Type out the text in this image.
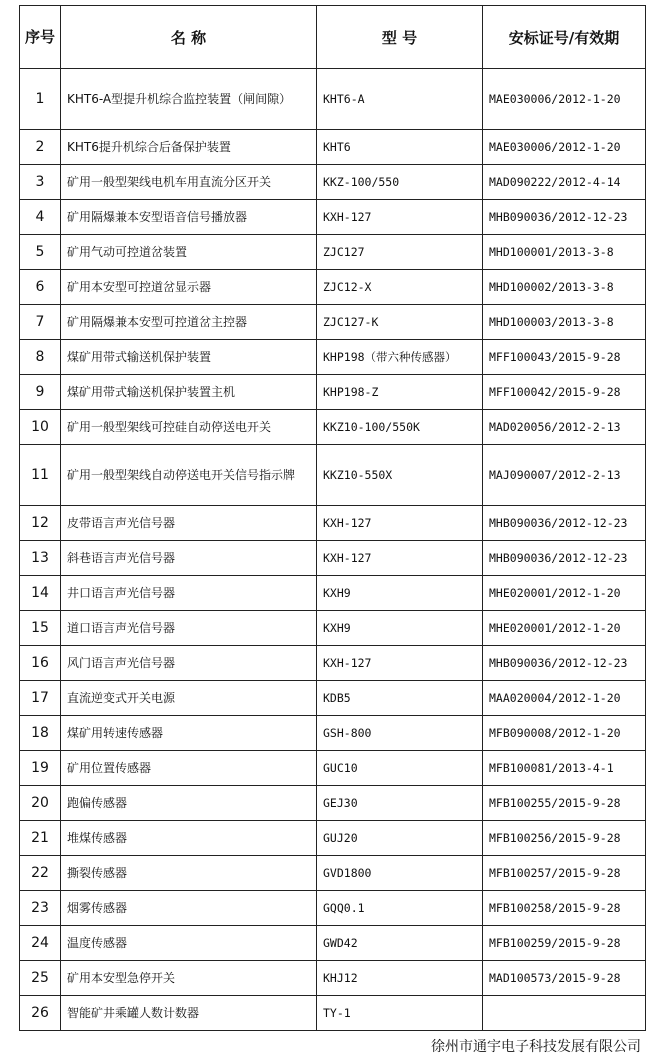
序号	名 称	型 号	安标证号/有效期
1	KHT6-A型提升机综合监控装置（闸间隙）	KHT6-A	MAE030006/2012-1-20
2	KHT6提升机综合后备保护装置	KHT6	MAE030006/2012-1-20
3	矿用一般型架线电机车用直流分区开关	KKZ-100/550	MAD090222/2012-4-14
4	矿用隔爆兼本安型语音信号播放器	KXH-127	MHB090036/2012-12-23
5	矿用气动可控道岔装置	ZJC127	MHD100001/2013-3-8
6	矿用本安型可控道岔显示器	ZJC12-X	MHD100002/2013-3-8
7	矿用隔爆兼本安型可控道岔主控器	ZJC127-K	MHD100003/2013-3-8
8	煤矿用带式输送机保护装置	KHP198（带六种传感器）	MFF100043/2015-9-28
9	煤矿用带式输送机保护装置主机	KHP198-Z	MFF100042/2015-9-28
10	矿用一般型架线可控硅自动停送电开关	KKZ10-100/550K	MAD020056/2012-2-13
11	矿用一般型架线自动停送电开关信号指示牌	KKZ10-550X	MAJ090007/2012-2-13
12	皮带语言声光信号器	KXH-127	MHB090036/2012-12-23
13	斜巷语言声光信号器	KXH-127	MHB090036/2012-12-23
14	井口语言声光信号器	KXH9	MHE020001/2012-1-20
15	道口语言声光信号器	KXH9	MHE020001/2012-1-20
16	风门语言声光信号器	KXH-127	MHB090036/2012-12-23
17	直流逆变式开关电源	KDB5	MAA020004/2012-1-20
18	煤矿用转速传感器	GSH-800	MFB090008/2012-1-20
19	矿用位置传感器	GUC10	MFB100081/2013-4-1
20	跑偏传感器	GEJ30	MFB100255/2015-9-28
21	堆煤传感器	GUJ20	MFB100256/2015-9-28
22	撕裂传感器	GVD1800	MFB100257/2015-9-28
23	烟雾传感器	GQQ0.1	MFB100258/2015-9-28
24	温度传感器	GWD42	MFB100259/2015-9-28
25	矿用本安型急停开关	KHJ12	MAD100573/2015-9-28
26	智能矿井乘罐人数计数器	TY-1	
徐州市通宇电子科技发展有限公司
